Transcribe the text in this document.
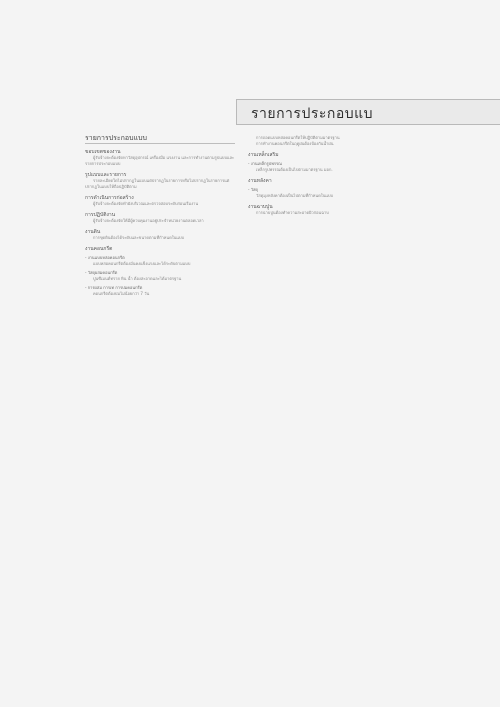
รายการประกอบแบ
รายการประกอบแบบ
ขอบเขตของงาน
ผู้รับจ้างจะต้องจัดหาวัสดุอุปกรณ์ เครื่องมือ แรงงาน และการทำงานตามรูปแบบและรายการประกอบแบบ
รูปแบบและรายการ
รายละเอียดใดไม่ปรากฏในแบบแต่ปรากฏในรายการหรือไม่ปรากฏในรายการแต่ปรากฏในแบบให้ถือปฏิบัติตาม
การดำเนินการก่อสร้าง
ผู้รับจ้างจะต้องจัดทำผังบริเวณและตรวจสอบระดับก่อนเริ่มงาน
การปฏิบัติงาน
ผู้รับจ้างจะต้องจัดให้มีผู้ควบคุมงานอยู่ประจำหน่วยงานตลอดเวลา
งานดิน
การขุดดินต้องได้ระดับและขนาดตามที่กำหนดในแบบ
งานคอนกรีต
- งานแบบหล่อคอนกรีต
แบบหล่อคอนกรีตต้องมั่นคงแข็งแรงและได้ระดับตามแบบ
- วัสดุผสมคอนกรีต
ปูนซีเมนต์ทราย หิน น้ำ ต้องสะอาดและได้มาตรฐาน
- การผสม การเท การบ่มคอนกรีต
คอนกรีตต้องบ่มไม่น้อยกว่า 7 วัน
การถอดแบบหล่อคอนกรีตให้ปฏิบัติตามมาตรฐาน
การทำงานคอนกรีตในฤดูฝนต้องป้องกันน้ำฝน
งานเหล็กเสริม
- งานเหล็กรูปพรรณ
เหล็กรูปพรรณต้องเป็นไปตามมาตรฐาน มอก.
งานหลังคา
- วัสดุ
วัสดุมุงหลังคาต้องเป็นไปตามที่กำหนดในแบบ
งานฉาบปูน
การฉาบปูนต้องทำความสะอาดผิวก่อนฉาบ
